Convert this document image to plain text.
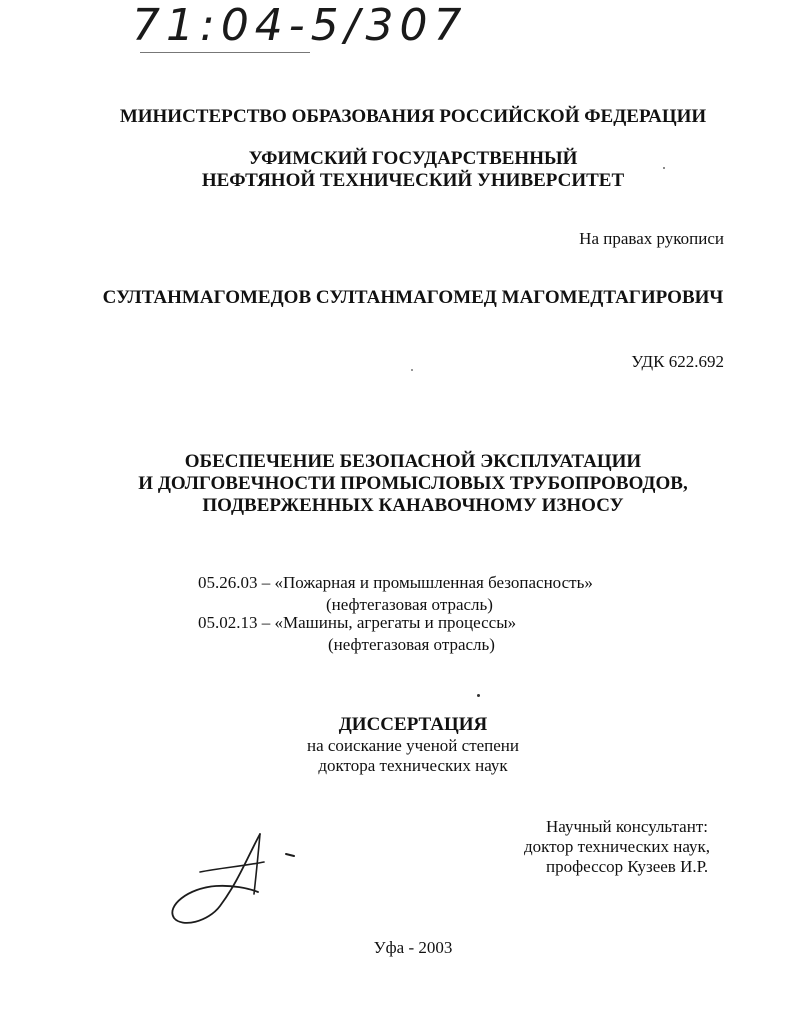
71:04-5/307
МИНИСТЕРСТВО ОБРАЗОВАНИЯ РОССИЙСКОЙ ФЕДЕРАЦИИ
УФИМСКИЙ ГОСУДАРСТВЕННЫЙ
НЕФТЯНОЙ ТЕХНИЧЕСКИЙ УНИВЕРСИТЕТ
На правах рукописи
СУЛТАНМАГОМЕДОВ СУЛТАНМАГОМЕД МАГОМЕДТАГИРОВИЧ
УДК 622.692
ОБЕСПЕЧЕНИЕ БЕЗОПАСНОЙ ЭКСПЛУАТАЦИИ
И ДОЛГОВЕЧНОСТИ ПРОМЫСЛОВЫХ ТРУБОПРОВОДОВ,
ПОДВЕРЖЕННЫХ КАНАВОЧНОМУ ИЗНОСУ
05.26.03 – «Пожарная и промышленная безопасность»
(нефтегазовая отрасль)
05.02.13 – «Машины, агрегаты и процессы»
(нефтегазовая отрасль)
ДИССЕРТАЦИЯ
на соискание ученой степени
доктора технических наук
Научный консультант:
доктор технических наук,
профессор Кузеев И.Р.
Уфа - 2003
